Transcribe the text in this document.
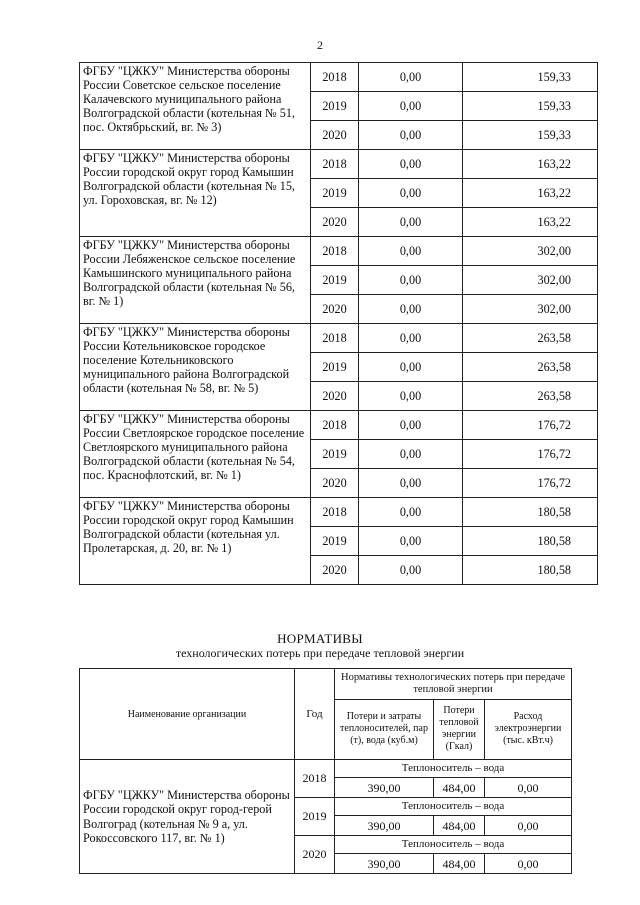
2
ФГБУ "ЦЖКУ" Министерства обороны России Советское сельское поселение Калачевского муниципального района Волгоградской области (котельная № 51, пос. Октябрьский, вг. № 3)	2018	0,00	159,33
	2019	0,00	159,33
	2020	0,00	159,33
ФГБУ "ЦЖКУ" Министерства обороны России городской округ город Камышин Волгоградской области (котельная № 15, ул. Гороховская, вг. № 12)	2018	0,00	163,22
	2019	0,00	163,22
	2020	0,00	163,22
ФГБУ "ЦЖКУ" Министерства обороны России Лебяженское сельское поселение Камышинского муниципального района Волгоградской области (котельная № 56, вг. № 1)	2018	0,00	302,00
	2019	0,00	302,00
	2020	0,00	302,00
ФГБУ "ЦЖКУ" Министерства обороны России Котельниковское городское поселение Котельниковского муниципального района Волгоградской области (котельная № 58, вг. № 5)	2018	0,00	263,58
	2019	0,00	263,58
	2020	0,00	263,58
ФГБУ "ЦЖКУ" Министерства обороны России Светлоярское городское поселение Светлоярского муниципального района Волгоградской области (котельная № 54, пос. Краснофлотский, вг. № 1)	2018	0,00	176,72
	2019	0,00	176,72
	2020	0,00	176,72
ФГБУ "ЦЖКУ" Министерства обороны России городской округ город Камышин Волгоградской области (котельная ул. Пролетарская, д. 20, вг. № 1)	2018	0,00	180,58
	2019	0,00	180,58
	2020	0,00	180,58
НОРМАТИВЫ
технологических потерь при передаче тепловой энергии
Наименование организации	Год	Нормативы технологических потерь при передаче тепловой энергии		
		Потери и затраты теплоносителей, пар (т), вода (куб.м)	Потери тепловой энергии (Гкал)	Расход электроэнергии (тыс. кВт.ч)
ФГБУ "ЦЖКУ" Министерства обороны России городской округ город-герой Волгоград (котельная № 9 а, ул. Рокоссовского 117, вг. № 1)	2018	Теплоноситель – вода		
		390,00	484,00	0,00
	2019	Теплоноситель – вода		
		390,00	484,00	0,00
	2020	Теплоноситель – вода		
		390,00	484,00	0,00
